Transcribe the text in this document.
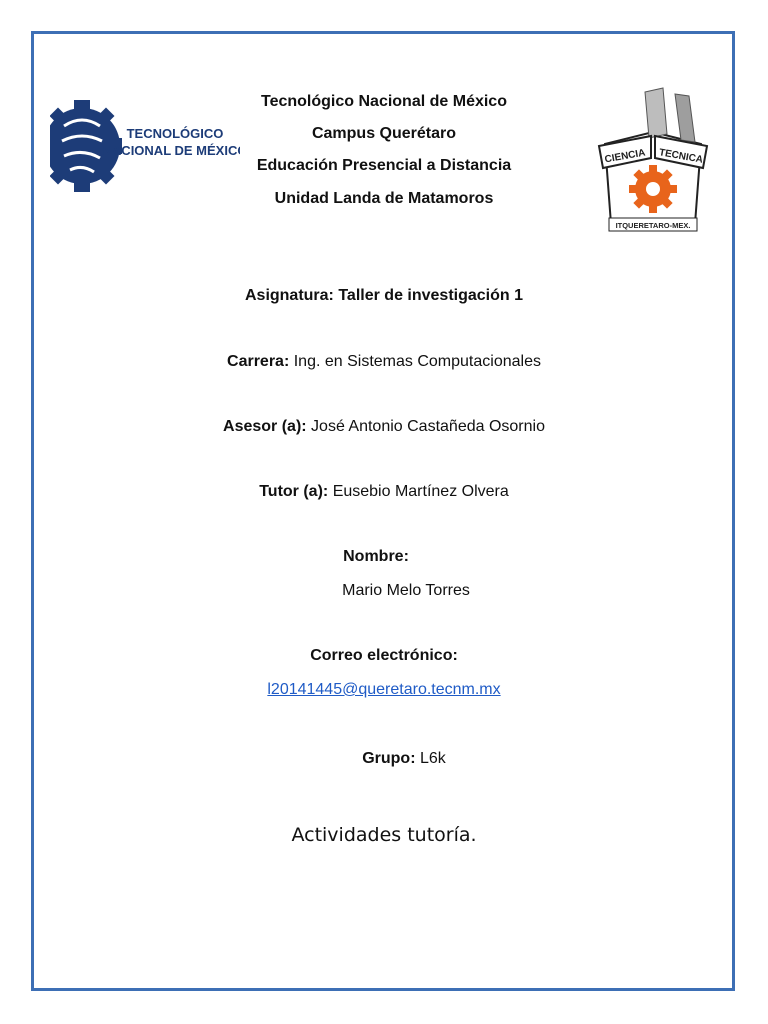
TECNOLÓGICO
NACIONAL DE MÉXICO	CIENCIA TECNICA
ITQUERETARO-MEX.
Tecnológico Nacional de México
Campus Querétaro
Educación Presencial a Distancia
Unidad Landa de Matamoros
Asignatura: Taller de investigación 1
Carrera: Ing. en Sistemas Computacionales
Asesor (a): José Antonio Castañeda Osornio
Tutor (a): Eusebio Martínez Olvera
Nombre:
Mario Melo Torres
Correo electrónico:
l20141445@queretaro.tecnm.mx
Grupo: L6k
Actividades tutoría.
